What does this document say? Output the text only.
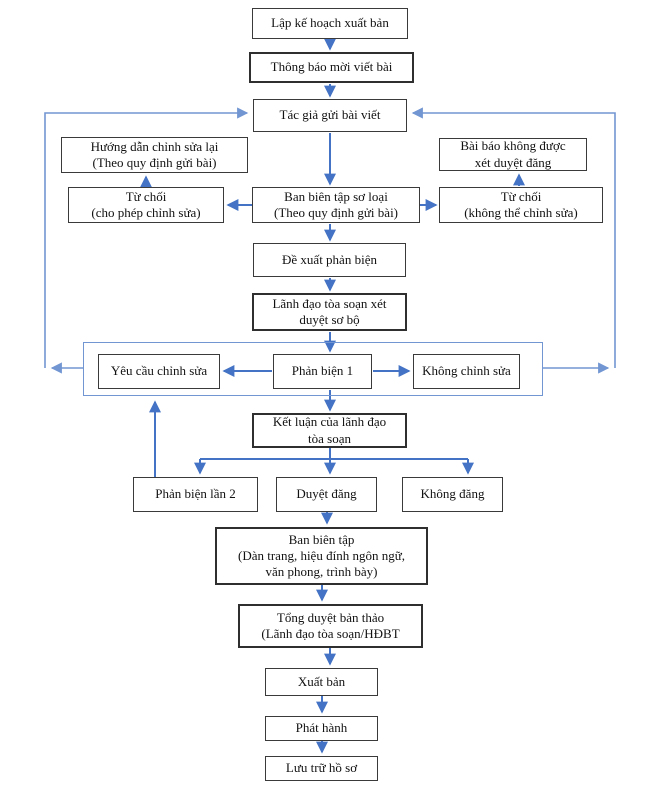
Lập kế hoạch xuất bản
Thông báo mời viết bài
Tác giả gửi bài viết
Hướng dẫn chỉnh sửa lại
(Theo quy định gửi bài)
Bài báo không được
xét duyệt đăng
Từ chối
(cho phép chỉnh sửa)
Ban biên tập sơ loại
(Theo quy định gửi bài)
Từ chối
(không thể chỉnh sửa)
Đề xuất phản biện
Lãnh đạo tòa soạn xét
duyệt sơ bộ
Yêu cầu chỉnh sửa	Phản biện 1	Không chỉnh sửa
Kết luận của lãnh đạo
tòa soạn
Phản biện lần 2	Duyệt đăng	Không đăng
Ban biên tập
(Dàn trang, hiệu đính ngôn ngữ,
văn phong, trình bày)
Tổng duyệt bản thảo
(Lãnh đạo tòa soạn/HĐBT
Xuất bản
Phát hành
Lưu trữ hồ sơ
